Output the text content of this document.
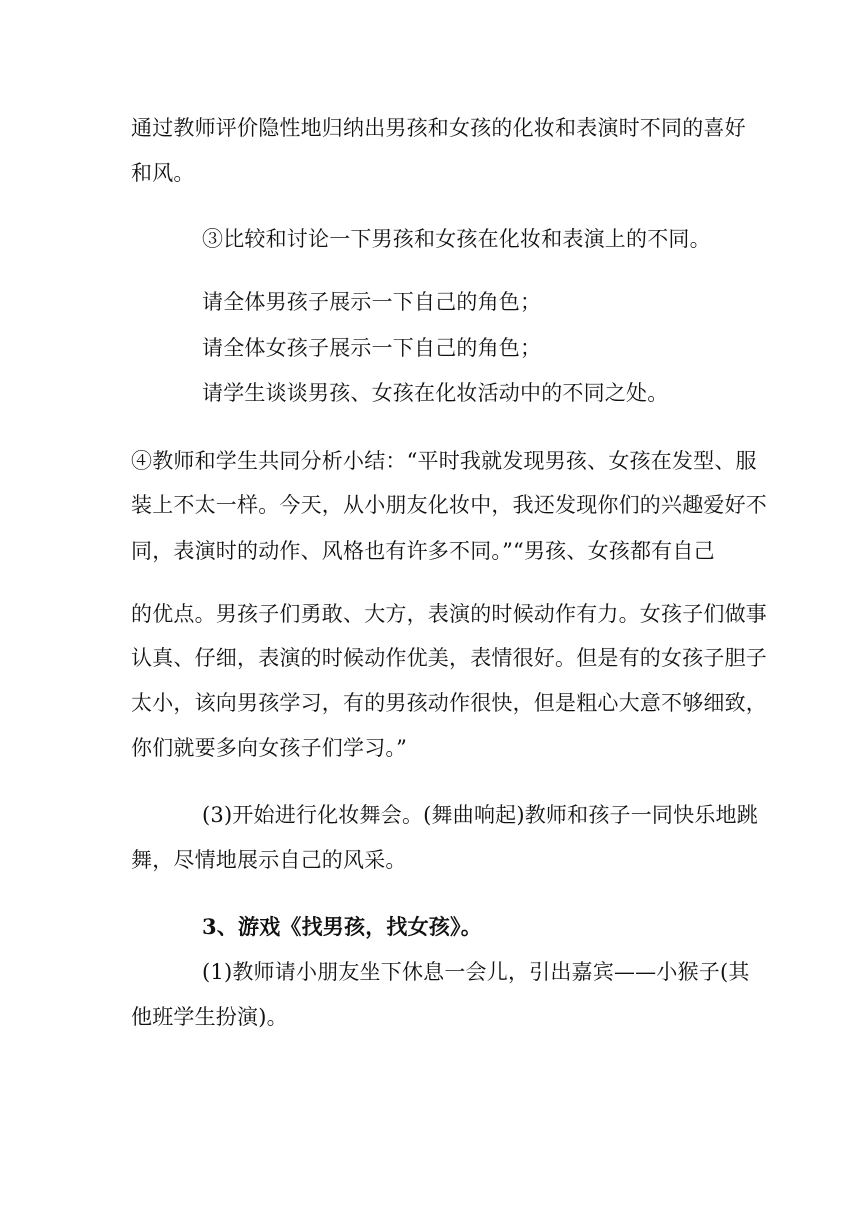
通过教师评价隐性地归纳出男孩和女孩的化妆和表演时不同的喜好
和风。
③比较和讨论一下男孩和女孩在化妆和表演上的不同。
请全体男孩子展示一下自己的角色；
请全体女孩子展示一下自己的角色；
请学生谈谈男孩、女孩在化妆活动中的不同之处。
④教师和学生共同分析小结：“平时我就发现男孩、女孩在发型、服
装上不太一样。今天，从小朋友化妆中，我还发现你们的兴趣爱好不
同，表演时的动作、风格也有许多不同。”“男孩、女孩都有自己
的优点。男孩子们勇敢、大方，表演的时候动作有力。女孩子们做事
认真、仔细，表演的时候动作优美，表情很好。但是有的女孩子胆子
太小，该向男孩学习，有的男孩动作很快，但是粗心大意不够细致，
你们就要多向女孩子们学习。”
(3)开始进行化妆舞会。(舞曲响起)教师和孩子一同快乐地跳
舞，尽情地展示自己的风采。
3、游戏《找男孩，找女孩》。
(1)教师请小朋友坐下休息一会儿，引出嘉宾——小猴子(其
他班学生扮演)。
